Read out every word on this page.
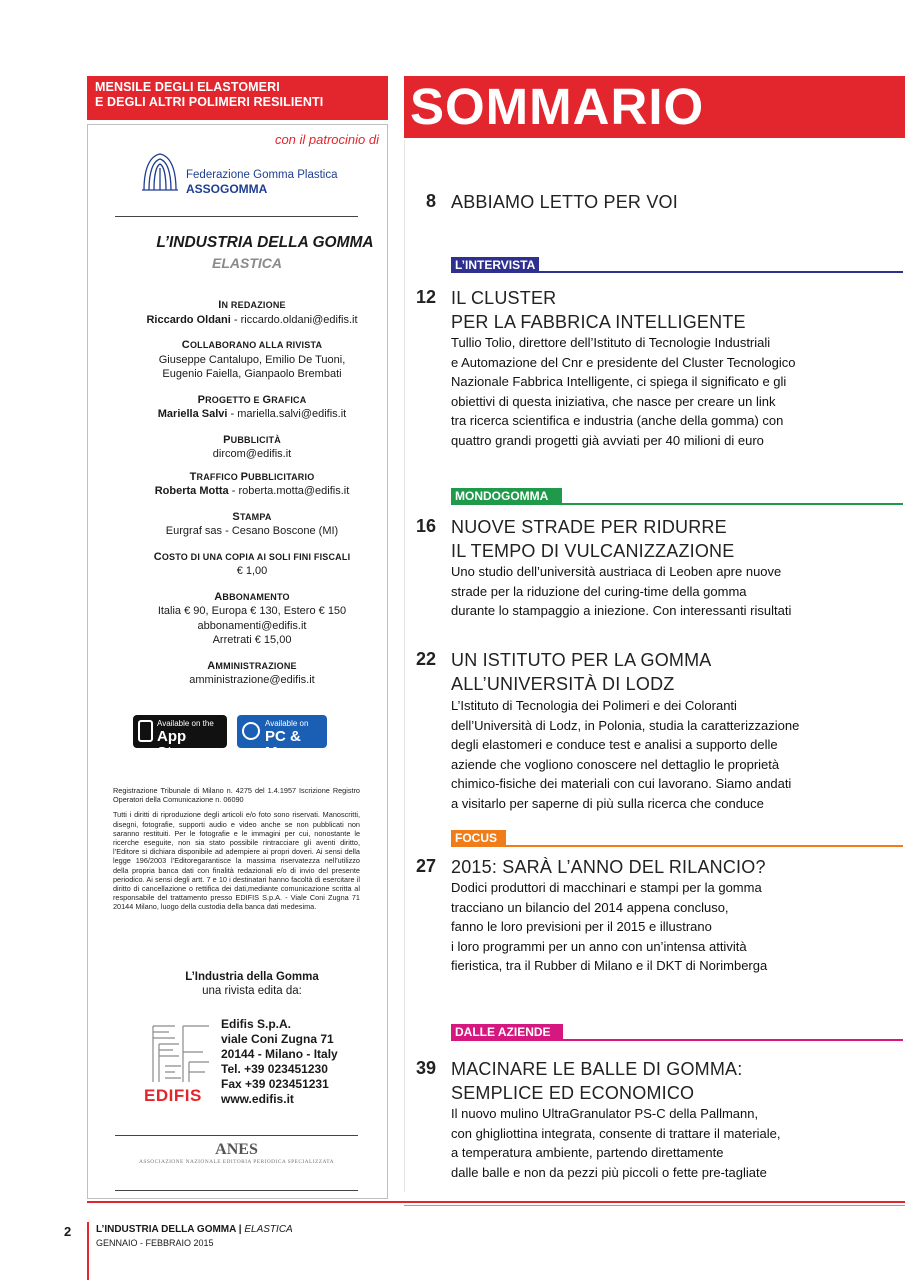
MENSILE DEGLI ELASTOMERI
E DEGLI ALTRI POLIMERI RESILIENTI
con il patrocinio di
Federazione Gomma Plastica
ASSOGOMMA
L’INDUSTRIA DELLA GOMMA
ELASTICA
IN REDAZIONE
Riccardo Oldani - riccardo.oldani@edifis.it
COLLABORANO ALLA RIVISTA
Giuseppe Cantalupo, Emilio De Tuoni,
Eugenio Faiella, Gianpaolo Brembati
PROGETTO E GRAFICA
Mariella Salvi - mariella.salvi@edifis.it
PUBBLICITÀ
dircom@edifis.it
TRAFFICO PUBBLICITARIO
Roberta Motta - roberta.motta@edifis.it
STAMPA
Eurgraf sas - Cesano Boscone (MI)
COSTO DI UNA COPIA AI SOLI FINI FISCALI
€ 1,00
ABBONAMENTO
Italia € 90, Europa € 130, Estero € 150
abbonamenti@edifis.it
Arretrati € 15,00
AMMINISTRAZIONE
amministrazione@edifis.it
Available on the
App Store
Available on
PC & Mac

Registrazione Tribunale di Milano n. 4275 del 1.4.1957 Iscrizione Registro Operatori della Comunicazione n. 06090

Tutti i diritti di riproduzione degli articoli e/o foto sono riservati. Manoscritti, disegni, fotografie, supporti audio e video anche se non pubblicati non saranno restituiti. Per le fotografie e le immagini per cui, nonostante le ricerche eseguite, non sia stato possibile rintracciare gli aventi diritto, l’Editore si dichiara disponibile ad adempiere ai propri doveri. Ai sensi della legge 196/2003 l’Editoregarantisce la massima riservatezza nell’utilizzo della propria banca dati con finalità redazionali e/o di invio del presente periodico. Ai sensi degli artt. 7 e 10 i destinatari hanno facoltà di esercitare il diritto di cancellazione o rettifica dei dati,mediante comunicazione scritta al responsabile del trattamento presso EDIFIS S.p.A. - Viale Coni Zugna 71 20144 Milano, luogo della custodia della banca dati medesima.

L’Industria della Gomma
una rivista edita da:
EDIFIS
Edifis S.p.A.
viale Coni Zugna 71
20144 - Milano - Italy
Tel. +39 023451230
Fax +39 023451231
www.edifis.it
ANES
ASSOCIAZIONE NAZIONALE EDITORIA PERIODICA SPECIALIZZATA
SOMMARIO
8 ABBIAMO LETTO PER VOI
L’INTERVISTA
12 IL CLUSTER
PER LA FABBRICA INTELLIGENTE
Tullio Tolio, direttore dell’Istituto di Tecnologie Industriali
e Automazione del Cnr e presidente del Cluster Tecnologico
Nazionale Fabbrica Intelligente, ci spiega il significato e gli
obiettivi di questa iniziativa, che nasce per creare un link
tra ricerca scientifica e industria (anche della gomma) con
quattro grandi progetti già avviati per 40 milioni di euro
MONDOGOMMA
16 NUOVE STRADE PER RIDURRE
IL TEMPO DI VULCANIZZAZIONE
Uno studio dell’università austriaca di Leoben apre nuove
strade per la riduzione del curing-time della gomma
durante lo stampaggio a iniezione. Con interessanti risultati
22 UN ISTITUTO PER LA GOMMA
ALL’UNIVERSITÀ DI LODZ
L’Istituto di Tecnologia dei Polimeri e dei Coloranti
dell’Università di Lodz, in Polonia, studia la caratterizzazione
degli elastomeri e conduce test e analisi a supporto delle
aziende che vogliono conoscere nel dettaglio le proprietà
chimico-fisiche dei materiali con cui lavorano. Siamo andati
a visitarlo per saperne di più sulla ricerca che conduce
FOCUS
27 2015: SARÀ L’ANNO DEL RILANCIO?
Dodici produttori di macchinari e stampi per la gomma
tracciano un bilancio del 2014 appena concluso,
fanno le loro previsioni per il 2015 e illustrano
i loro programmi per un anno con un’intensa attività
fieristica, tra il Rubber di Milano e il DKT di Norimberga
DALLE AZIENDE
39 MACINARE LE BALLE DI GOMMA:
SEMPLICE ED ECONOMICO
Il nuovo mulino UltraGranulator PS-C della Pallmann,
con ghigliottina integrata, consente di trattare il materiale,
a temperatura ambiente, partendo direttamente
dalle balle e non da pezzi più piccoli o fette pre-tagliate
2 L’INDUSTRIA DELLA GOMMA | ELASTICA
GENNAIO - FEBBRAIO 2015
